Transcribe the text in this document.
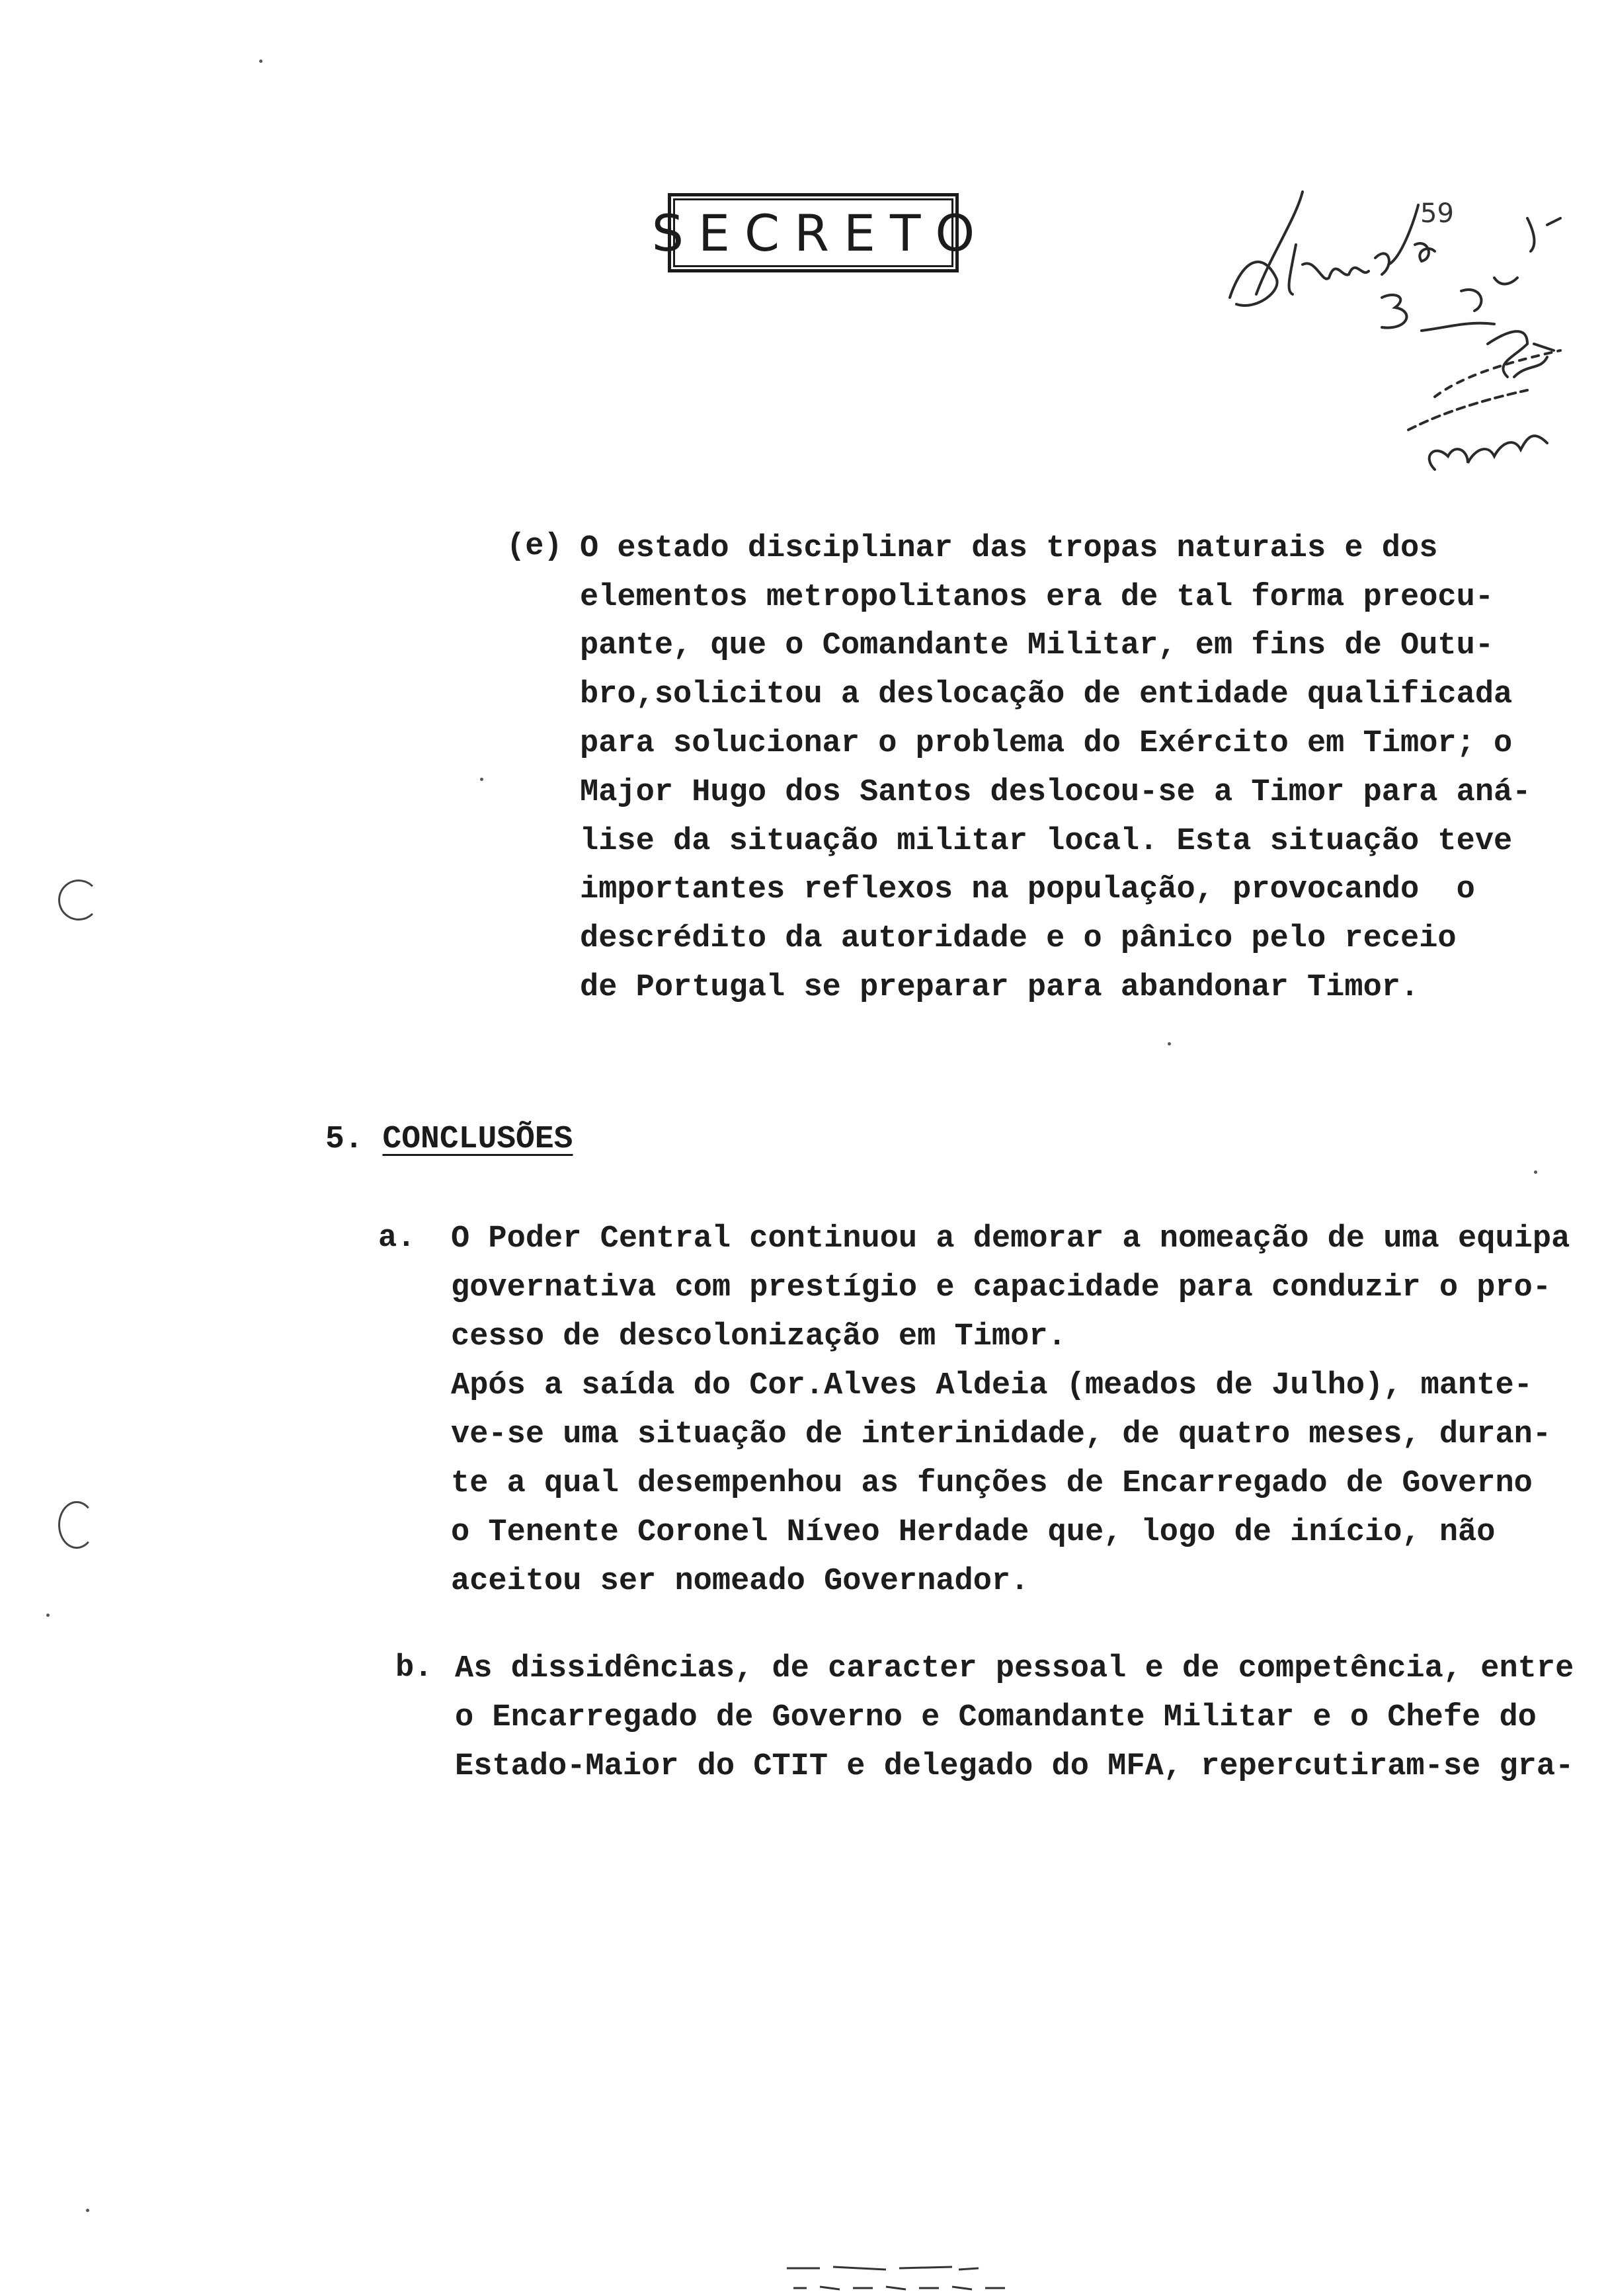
SECRETO	59
(e) O estado disciplinar das tropas naturais e dos
elementos metropolitanos era de tal forma preocu-
pante, que o Comandante Militar, em fins de Outu-
bro,solicitou a deslocação de entidade qualificada
para solucionar o problema do Exército em Timor; o
Major Hugo dos Santos deslocou-se a Timor para aná-
lise da situação militar local. Esta situação teve
importantes reflexos na população, provocando  o
descrédito da autoridade e o pânico pelo receio
de Portugal se preparar para abandonar Timor.
5. CONCLUSÕES
a. O Poder Central continuou a demorar a nomeação de uma equipa
governativa com prestígio e capacidade para conduzir o pro-
cesso de descolonização em Timor.
Após a saída do Cor.Alves Aldeia (meados de Julho), mante-
ve-se uma situação de interinidade, de quatro meses, duran-
te a qual desempenhou as funções de Encarregado de Governo
o Tenente Coronel Níveo Herdade que, logo de início, não
aceitou ser nomeado Governador.
b. As dissidências, de caracter pessoal e de competência, entre
o Encarregado de Governo e Comandante Militar e o Chefe do
Estado-Maior do CTIT e delegado do MFA, repercutiram-se gra-
